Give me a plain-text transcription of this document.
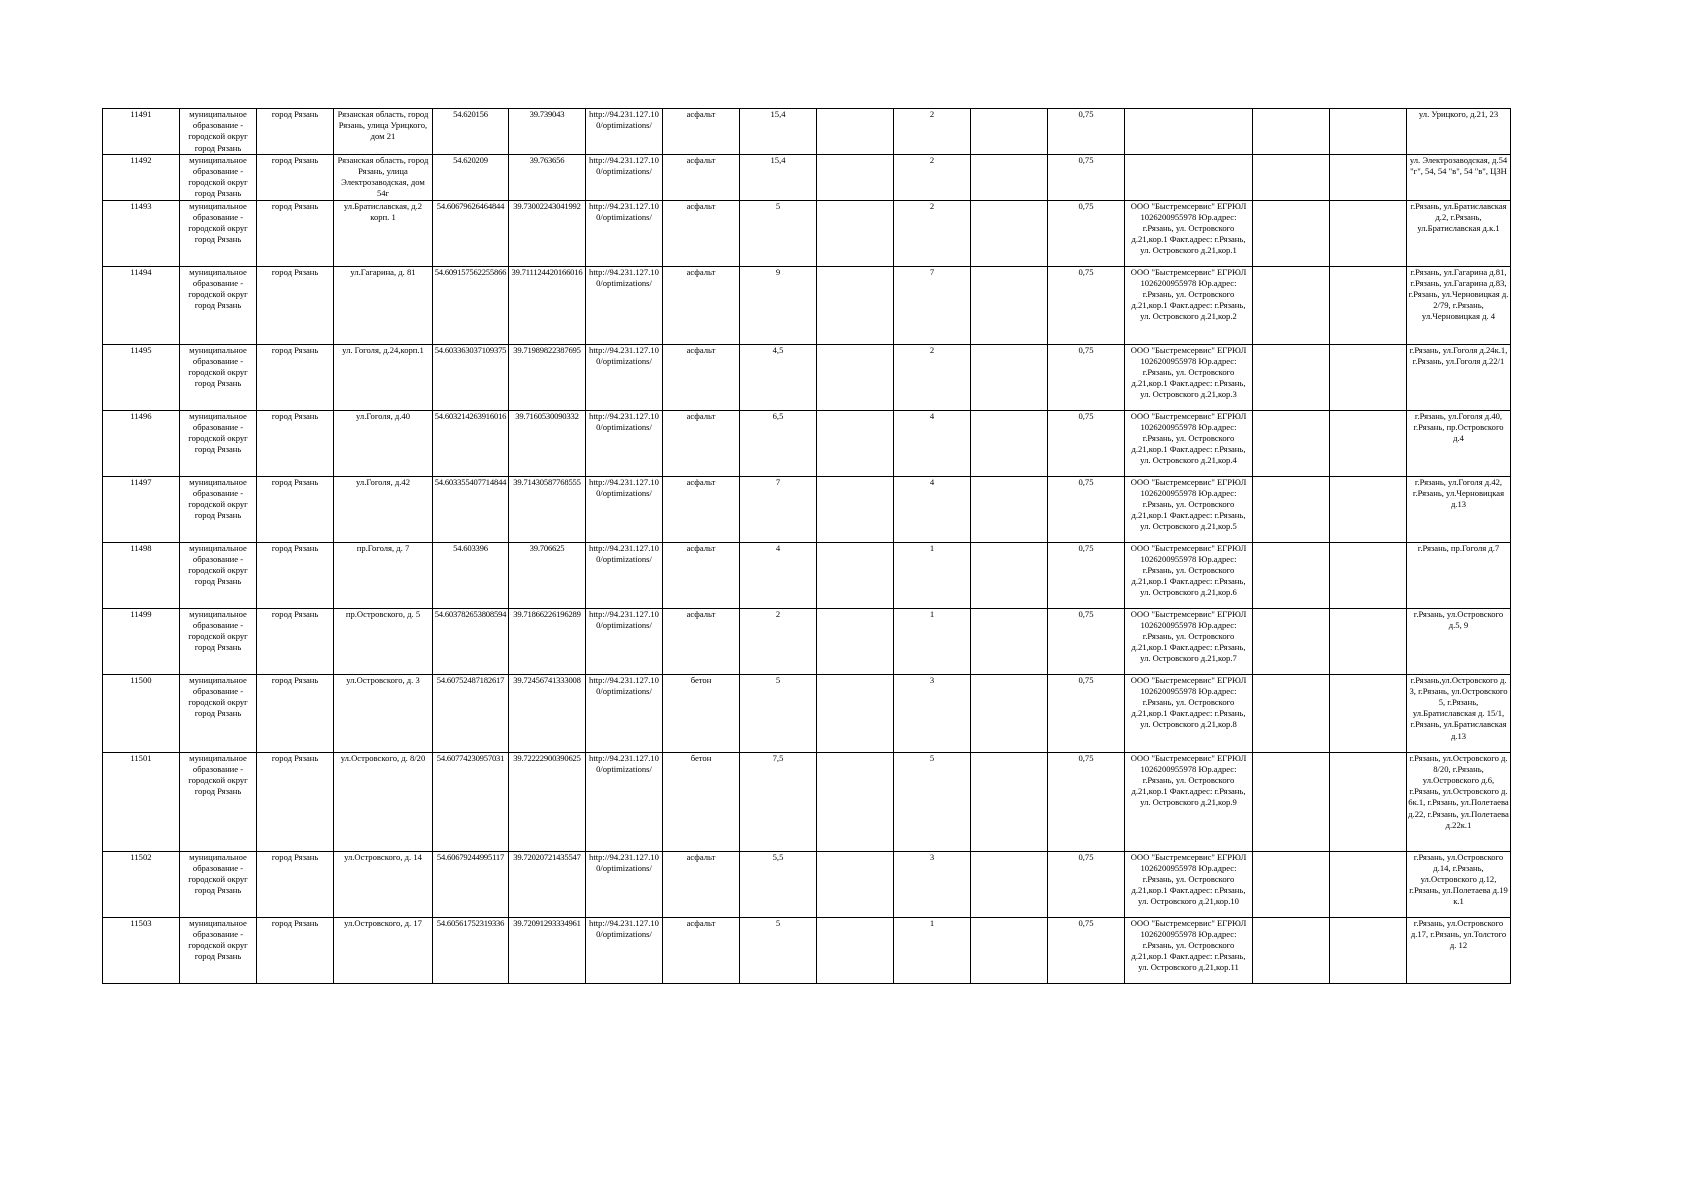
11491	муниципальное образование - городской округ город Рязань	город Рязань	Рязанская область, город Рязань, улица Урицкого, дом 21	54.620156	39.739043	http://94.231.127.10 0/optimizations/	асфальт	15,4		2		0,75				ул. Урицкого, д.21, 23
11492	муниципальное образование - городской округ город Рязань	город Рязань	Рязанская область, город Рязань, улица Электрозаводская, дом 54г	54.620209	39.763656	http://94.231.127.10 0/optimizations/	асфальт	15,4		2		0,75				ул. Электрозаводская, д.54 "г", 54, 54 "в", 54 "в", ЦЗН
11493	муниципальное образование - городской округ город Рязань	город Рязань	ул.Братиславская, д.2 корп. 1	54.60679626464844	39.73002243041992	http://94.231.127.10 0/optimizations/	асфальт	5		2		0,75	ООО "Быстремсервис" ЕГРЮЛ 1026200955978 Юр.адрес: г.Рязань, ул. Островского д.21,кор.1 Факт.адрес: г.Рязань, ул. Островского д.21,кор.1			г.Рязань, ул.Братиславская д.2, г.Рязань, ул.Братиславская д.к.1
11494	муниципальное образование - городской округ город Рязань	город Рязань	ул.Гагарина, д. 81	54.609157562255866	39.711124420166016	http://94.231.127.10 0/optimizations/	асфальт	9		7		0,75	ООО "Быстремсервис" ЕГРЮЛ 1026200955978 Юр.адрес: г.Рязань, ул. Островского д.21,кор.1 Факт.адрес: г.Рязань, ул. Островского д.21,кор.2			г.Рязань, ул.Гагарина д.81, г.Рязань, ул.Гагарина д.83, г.Рязань, ул.Черновицкая д. 2/79, г.Рязань, ул.Черновицкая д. 4
11495	муниципальное образование - городской округ город Рязань	город Рязань	ул. Гоголя, д.24,корп.1	54.603363037109375	39.71989822387695	http://94.231.127.10 0/optimizations/	асфальт	4,5		2		0,75	ООО "Быстремсервис" ЕГРЮЛ 1026200955978 Юр.адрес: г.Рязань, ул. Островского д.21,кор.1 Факт.адрес: г.Рязань, ул. Островского д.21,кор.3			г.Рязань, ул.Гоголя д.24к.1, г.Рязань, ул.Гоголя д.22/1
11496	муниципальное образование - городской округ город Рязань	город Рязань	ул.Гоголя, д.40	54.603214263916016	39.7160530090332	http://94.231.127.10 0/optimizations/	асфальт	6,5		4		0,75	ООО "Быстремсервис" ЕГРЮЛ 1026200955978 Юр.адрес: г.Рязань, ул. Островского д.21,кор.1 Факт.адрес: г.Рязань, ул. Островского д.21,кор.4			г.Рязань, ул.Гоголя д.40, г.Рязань, пр.Островского д.4
11497	муниципальное образование - городской округ город Рязань	город Рязань	ул.Гоголя, д.42	54.603355407714844	39.71430587768555	http://94.231.127.10 0/optimizations/	асфальт	7		4		0,75	ООО "Быстремсервис" ЕГРЮЛ 1026200955978 Юр.адрес: г.Рязань, ул. Островского д.21,кор.1 Факт.адрес: г.Рязань, ул. Островского д.21,кор.5			г.Рязань, ул.Гоголя д.42, г.Рязань, ул.Черновицкая д.13
11498	муниципальное образование - городской округ город Рязань	город Рязань	пр.Гоголя, д. 7	54.603396	39.706625	http://94.231.127.10 0/optimizations/	асфальт	4		1		0,75	ООО "Быстремсервис" ЕГРЮЛ 1026200955978 Юр.адрес: г.Рязань, ул. Островского д.21,кор.1 Факт.адрес: г.Рязань, ул. Островского д.21,кор.6			г.Рязань, пр.Гоголя д.7
11499	муниципальное образование - городской округ город Рязань	город Рязань	пр.Островского, д. 5	54.603782653808594	39.71866226196289	http://94.231.127.10 0/optimizations/	асфальт	2		1		0,75	ООО "Быстремсервис" ЕГРЮЛ 1026200955978 Юр.адрес: г.Рязань, ул. Островского д.21,кор.1 Факт.адрес: г.Рязань, ул. Островского д.21,кор.7			г.Рязань, ул.Островского д.5, 9
11500	муниципальное образование - городской округ город Рязань	город Рязань	ул.Островского, д. 3	54.60752487182617	39.72456741333008	http://94.231.127.10 0/optimizations/	бетон	5		3		0,75	ООО "Быстремсервис" ЕГРЮЛ 1026200955978 Юр.адрес: г.Рязань, ул. Островского д.21,кор.1 Факт.адрес: г.Рязань, ул. Островского д.21,кор.8			г.Рязань,ул.Островского д. 3, г.Рязань, ул.Островского 5, г.Рязань, ул.Братиславская д. 15/1, г.Рязань, ул.Братиславская д.13
11501	муниципальное образование - городской округ город Рязань	город Рязань	ул.Островского, д. 8/20	54.60774230957031	39.72222900390625	http://94.231.127.10 0/optimizations/	бетон	7,5		5		0,75	ООО "Быстремсервис" ЕГРЮЛ 1026200955978 Юр.адрес: г.Рязань, ул. Островского д.21,кор.1 Факт.адрес: г.Рязань, ул. Островского д.21,кор.9			г.Рязань, ул.Островского д. 8/20, г.Рязань, ул.Островского д.6, г.Рязань, ул.Островского д. 6к.1, г.Рязань, ул.Полетаева д.22, г.Рязань, ул.Полетаева д.22к.1
11502	муниципальное образование - городской округ город Рязань	город Рязань	ул.Островского, д. 14	54.60679244995117	39.72020721435547	http://94.231.127.10 0/optimizations/	асфальт	5,5		3		0,75	ООО "Быстремсервис" ЕГРЮЛ 1026200955978 Юр.адрес: г.Рязань, ул. Островского д.21,кор.1 Факт.адрес: г.Рязань, ул. Островского д.21,кор.10			г.Рязань, ул.Островского д.14, г.Рязань, ул.Островского д.12, г.Рязань, ул.Полетаева д.19 к.1
11503	муниципальное образование - городской округ город Рязань	город Рязань	ул.Островского, д. 17	54.60561752319336	39.72091293334961	http://94.231.127.10 0/optimizations/	асфальт	5		1		0,75	ООО "Быстремсервис" ЕГРЮЛ 1026200955978 Юр.адрес: г.Рязань, ул. Островского д.21,кор.1 Факт.адрес: г.Рязань, ул. Островского д.21,кор.11			г.Рязань, ул.Островского д.17, г.Рязань, ул.Толстого д. 12
